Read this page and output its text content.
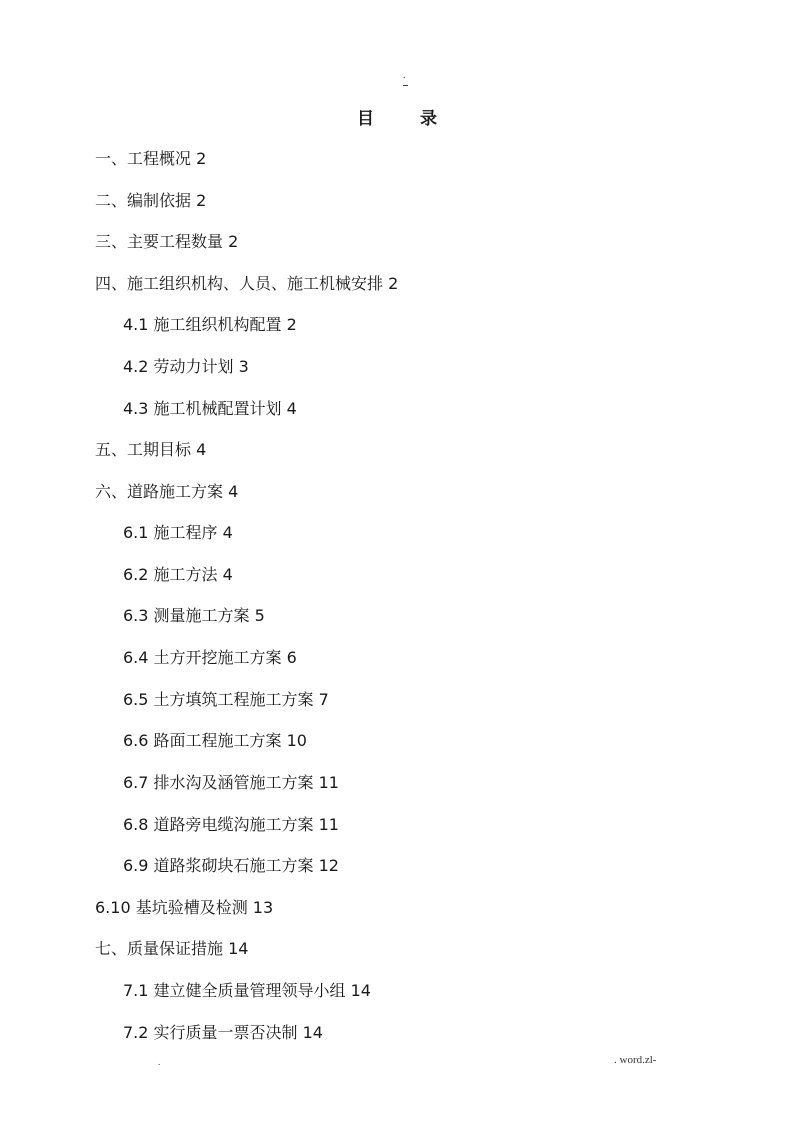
.
目 录
一、工程概况 2
二、编制依据 2
三、主要工程数量 2
四、施工组织机构、人员、施工机械安排 2
4.1 施工组织机构配置 2
4.2 劳动力计划 3
4.3 施工机械配置计划 4
五、工期目标 4
六、道路施工方案 4
6.1 施工程序 4
6.2 施工方法 4
6.3 测量施工方案 5
6.4 土方开挖施工方案 6
6.5 土方填筑工程施工方案 7
6.6 路面工程施工方案 10
6.7 排水沟及涵管施工方案 11
6.8 道路旁电缆沟施工方案 11
6.9 道路浆砌块石施工方案 12
6.10 基坑验槽及检测 13
七、质量保证措施 14
7.1 建立健全质量管理领导小组 14
7.2 实行质量一票否决制 14
.	. word.zl-
